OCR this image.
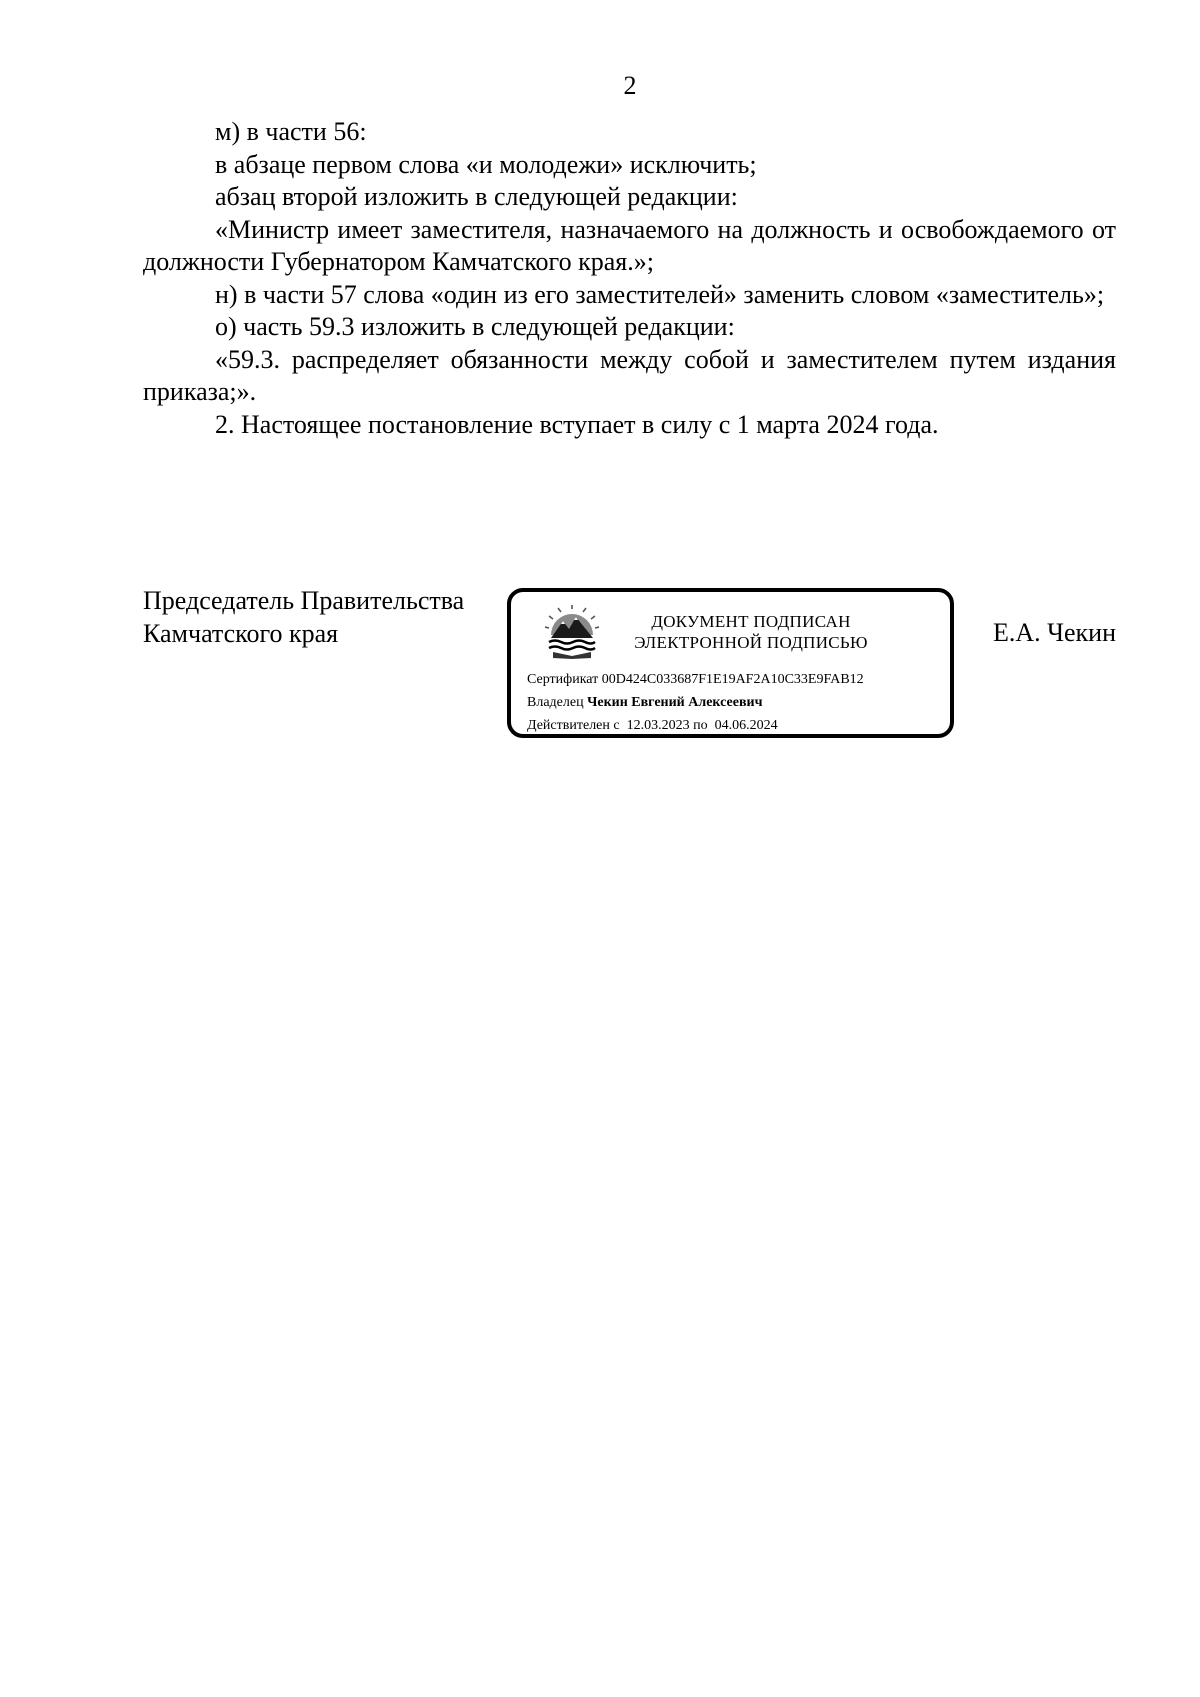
2

м) в части 56:

в абзаце первом слова «и молодежи» исключить;

абзац второй изложить в следующей редакции:

«Министр имеет заместителя, назначаемого на должность и освобождаемого от должности Губернатором Камчатского края.»;

н) в части 57 слова «один из его заместителей» заменить словом «заместитель»;

о) часть 59.3 изложить в следующей редакции:

«59.3. распределяет обязанности между собой и заместителем путем издания приказа;».

2. Настоящее постановление вступает в силу с 1 марта 2024 года.

Председатель Правительства
Камчатского края	ДОКУМЕНТ ПОДПИСАН
ЭЛЕКТРОННОЙ ПОДПИСЬЮ
Сертификат 00D424C033687F1E19AF2A10C33E9FAB12
Владелец Чекин Евгений Алексеевич
Действителен с 12.03.2023 по 04.06.2024
Е.А. Чекин
